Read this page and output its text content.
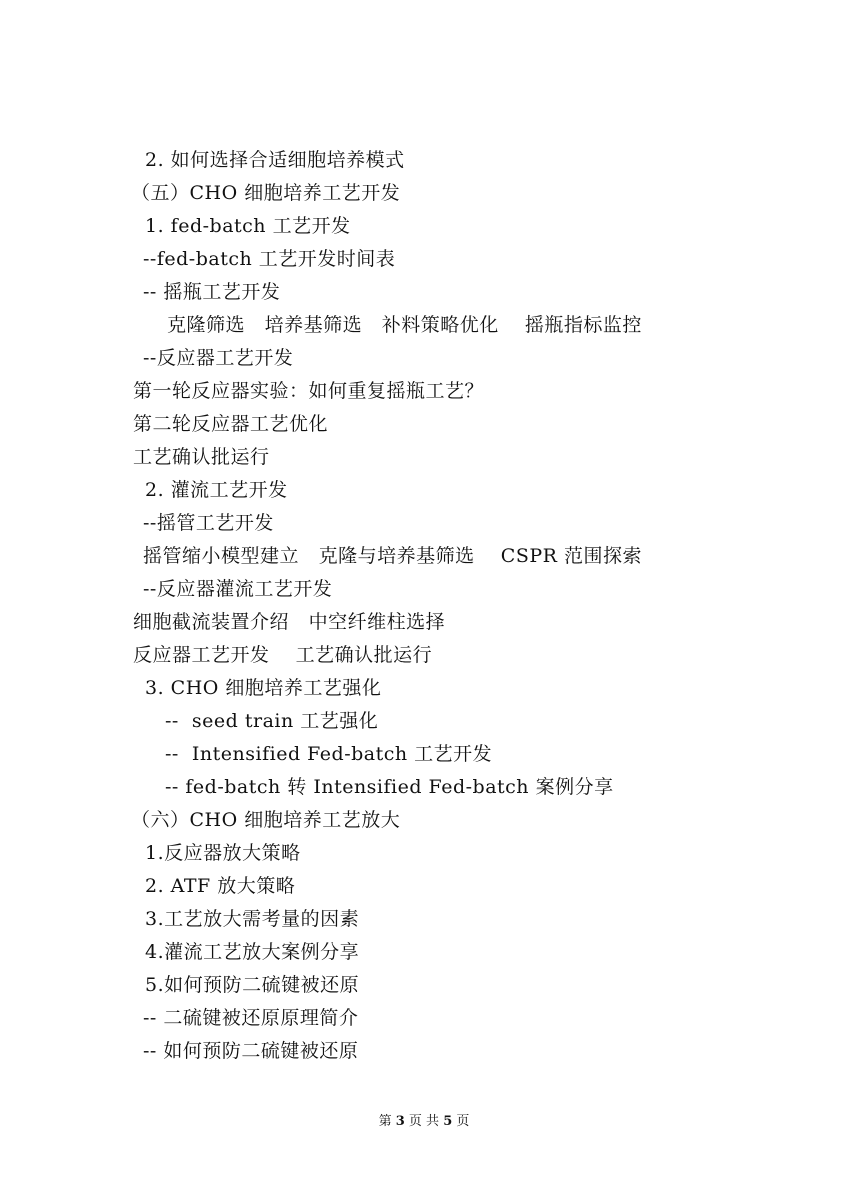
2. 如何选择合适细胞培养模式
（五）CHO 细胞培养工艺开发
1. fed-batch 工艺开发
--fed-batch 工艺开发时间表
-- 摇瓶工艺开发
克隆筛选   培养基筛选   补料策略优化    摇瓶指标监控
--反应器工艺开发
第一轮反应器实验：如何重复摇瓶工艺？
第二轮反应器工艺优化
工艺确认批运行
2. 灌流工艺开发
--摇管工艺开发
摇管缩小模型建立   克隆与培养基筛选    CSPR 范围探索
--反应器灌流工艺开发
细胞截流装置介绍   中空纤维柱选择
反应器工艺开发    工艺确认批运行
3. CHO 细胞培养工艺强化
--  seed train 工艺强化
--  Intensified Fed-batch 工艺开发
-- fed-batch 转 Intensified Fed-batch 案例分享
（六）CHO 细胞培养工艺放大
1.反应器放大策略
2. ATF 放大策略
3.工艺放大需考量的因素
4.灌流工艺放大案例分享
5.如何预防二硫键被还原
-- 二硫键被还原原理简介
-- 如何预防二硫键被还原
第 3 页 共 5 页
